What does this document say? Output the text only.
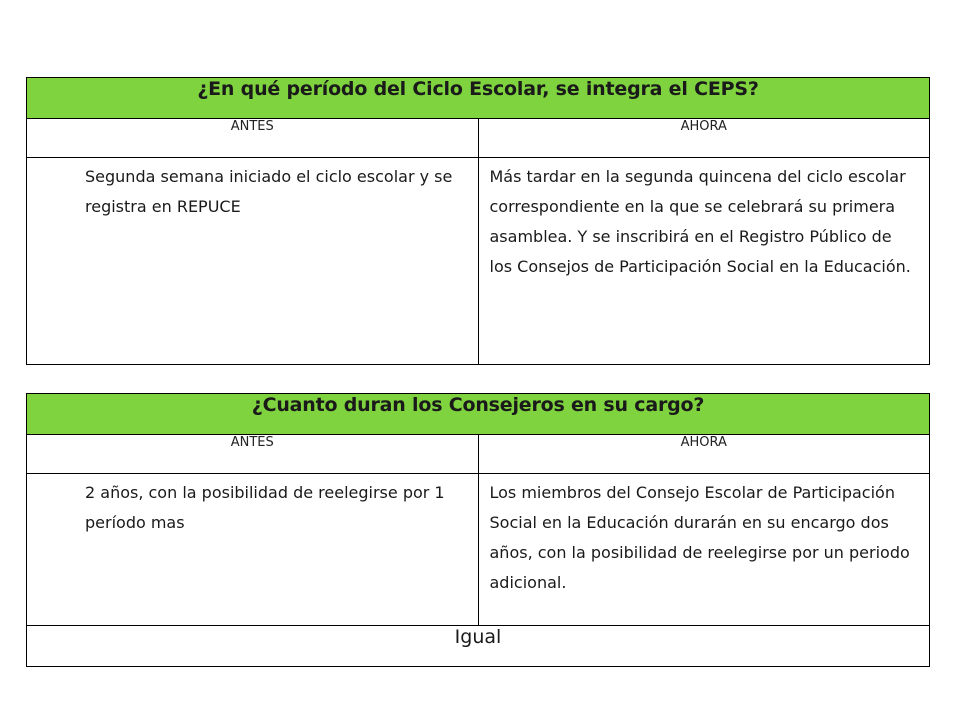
¿En qué período del Ciclo Escolar, se integra el CEPS?	
ANTES	AHORA
Segunda semana iniciado el ciclo escolar y se registra en REPUCE	Más tardar en la segunda quincena del ciclo escolar correspondiente en la que se celebrará su primera asamblea. Y se inscribirá en el Registro Público de los Consejos de Participación Social en la Educación.
¿Cuanto duran los Consejeros en su cargo?	
ANTES	AHORA
2 años, con la posibilidad de reelegirse por 1 período mas	Los miembros del Consejo Escolar de Participación Social en la Educación durarán en su encargo dos años, con la posibilidad de reelegirse por un periodo adicional.
Igual	
